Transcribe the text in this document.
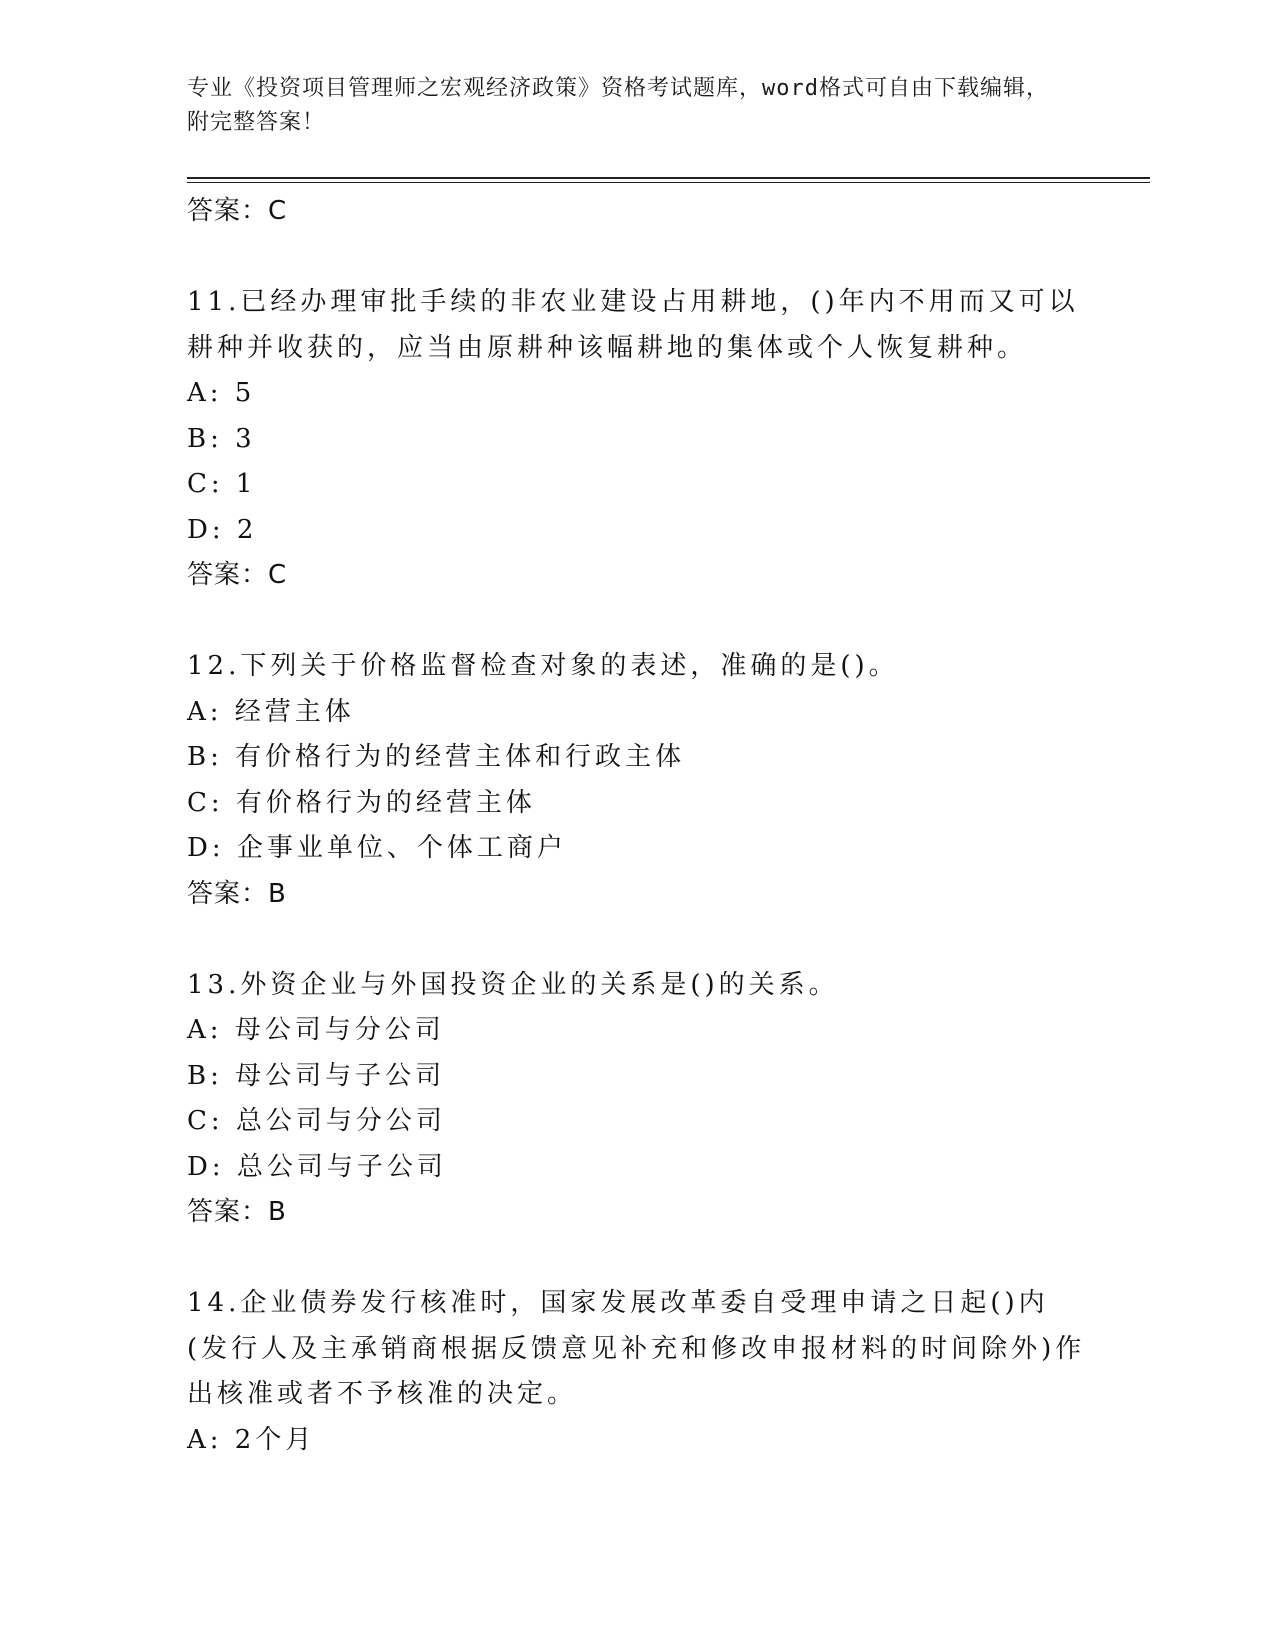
专业《投资项目管理师之宏观经济政策》资格考试题库，word格式可自由下载编辑，附完整答案！
答案：C
11.已经办理审批手续的非农业建设占用耕地，()年内不用而又可以耕种并收获的，应当由原耕种该幅耕地的集体或个人恢复耕种。
A: 5
B: 3
C: 1
D: 2
答案：C
12.下列关于价格监督检查对象的表述，准确的是()。
A: 经营主体
B: 有价格行为的经营主体和行政主体
C: 有价格行为的经营主体
D: 企事业单位、个体工商户
答案：B
13.外资企业与外国投资企业的关系是()的关系。
A: 母公司与分公司
B: 母公司与子公司
C: 总公司与分公司
D: 总公司与子公司
答案：B
14.企业债券发行核准时，国家发展改革委自受理申请之日起()内(发行人及主承销商根据反馈意见补充和修改申报材料的时间除外)作出核准或者不予核准的决定。
A: 2个月
